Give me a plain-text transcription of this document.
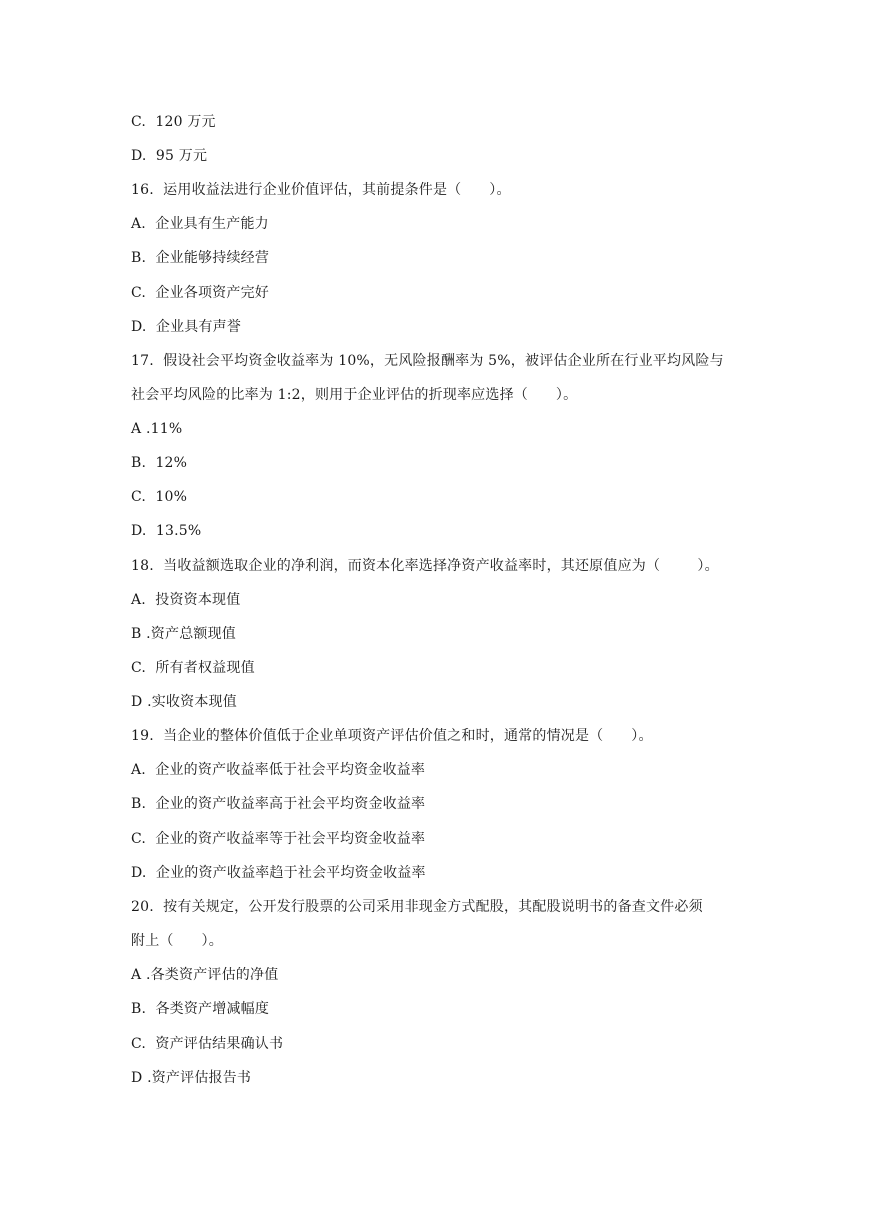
C.  120 万元
D.  95 万元
16.  运用收益法进行企业价值评估，其前提条件是（      ）。
A.  企业具有生产能力
B.  企业能够持续经营
C.  企业各项资产完好
D.  企业具有声誉
17.  假设社会平均资金收益率为 10%，无风险报酬率为 5%，被评估企业所在行业平均风险与
社会平均风险的比率为 1:2，则用于企业评估的折现率应选择（      ）。
A .11%
B.  12%
C.  10%
D.  13.5%
18.  当收益额选取企业的净利润，而资本化率选择净资产收益率时，其还原值应为（        ）。
A.  投资资本现值
B .资产总额现值
C.  所有者权益现值
D .实收资本现值
19.  当企业的整体价值低于企业单项资产评估价值之和时，通常的情况是（      ）。
A.  企业的资产收益率低于社会平均资金收益率
B.  企业的资产收益率高于社会平均资金收益率
C.  企业的资产收益率等于社会平均资金收益率
D.  企业的资产收益率趋于社会平均资金收益率
20.  按有关规定，公开发行股票的公司采用非现金方式配股，其配股说明书的备查文件必须
附上（      ）。
A .各类资产评估的净值
B.  各类资产增减幅度
C.  资产评估结果确认书
D .资产评估报告书
